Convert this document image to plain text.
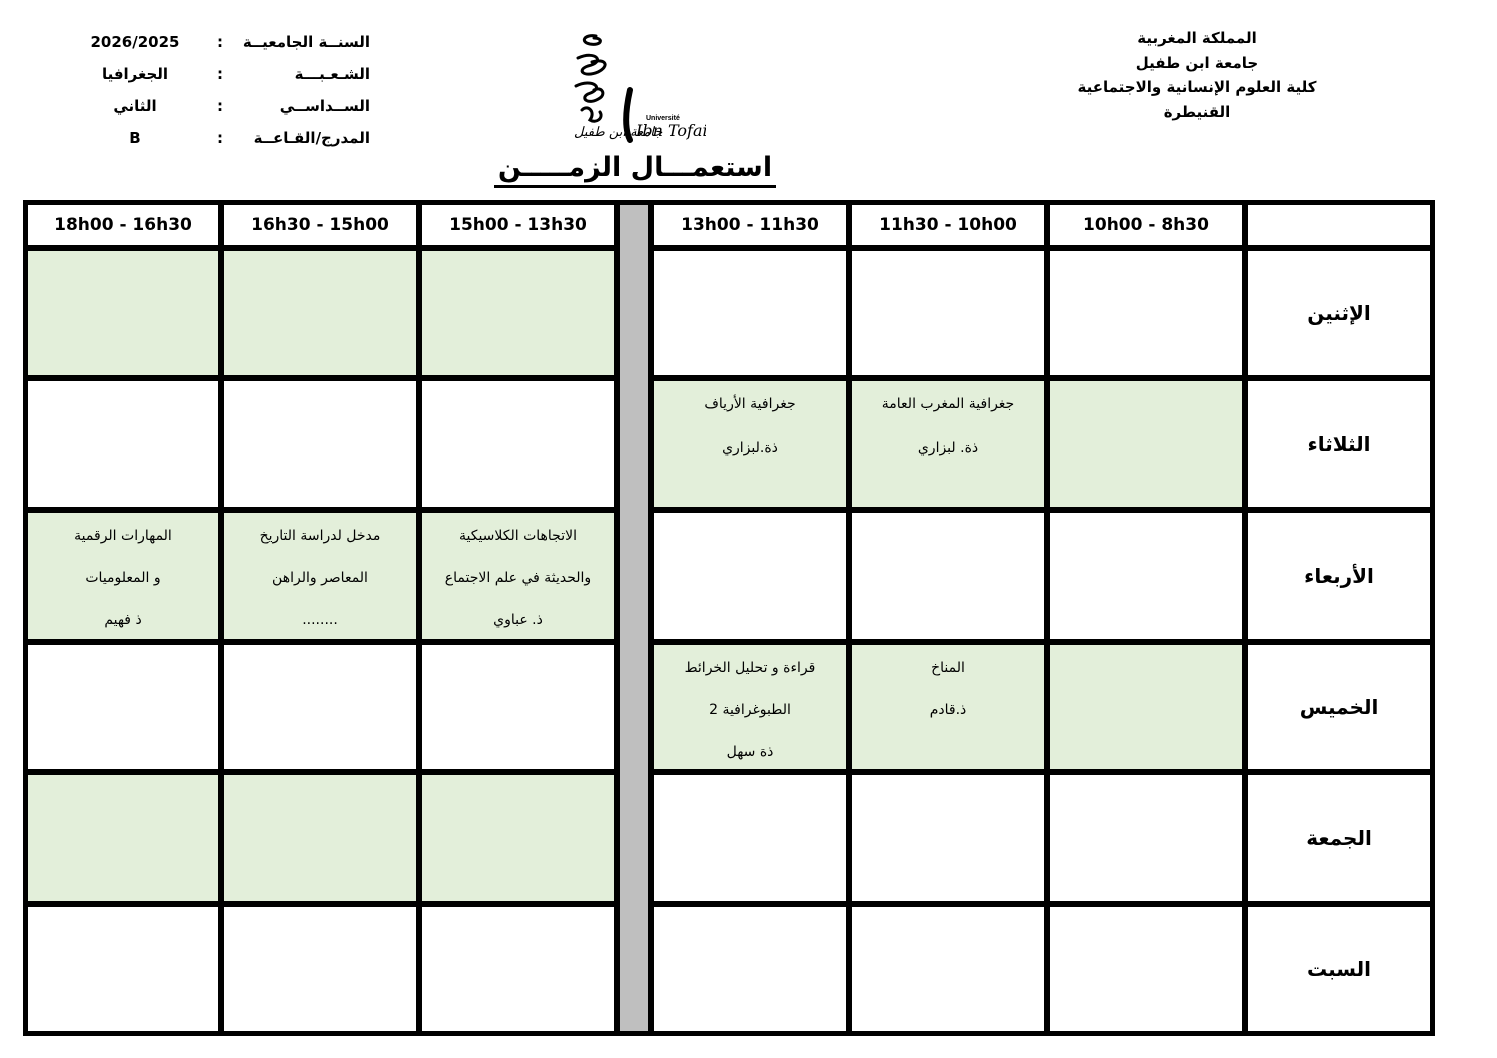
المملكة المغربية
جامعة ابن طفيل
كلية العلوم الإنسانية والاجتماعية
القنيطرة
السنــة الجامعيــة
:
2026/2025
الشـعـبـــة
:
الجغرافيا
الســداســي
:
الثاني
المدرج/القـاعــة
:
B	جامعة ابن طفيل
Université
Ibn Tofail
استعمـــال الزمـــــن
10h00 - 8h30
11h30 - 10h00
13h00 - 11h30
15h00 - 13h30
16h30 - 15h00
18h00 - 16h30
الإثنين
الثلاثاء
جغرافية المغرب العامة
ذة. لبزاري
جغرافية الأرياف
ذة.لبزاري
الأربعاء
الاتجاهات الكلاسيكية
والحديثة في علم الاجتماع
ذ. عباوي
مدخل لدراسة التاريخ
المعاصر والراهن
........
المهارات الرقمية
و المعلوميات
ذ فهيم
الخميس
المناخ
ذ.قادم
قراءة و تحليل الخرائط
الطبوغرافية 2
ذة سهل
الجمعة
السبت
